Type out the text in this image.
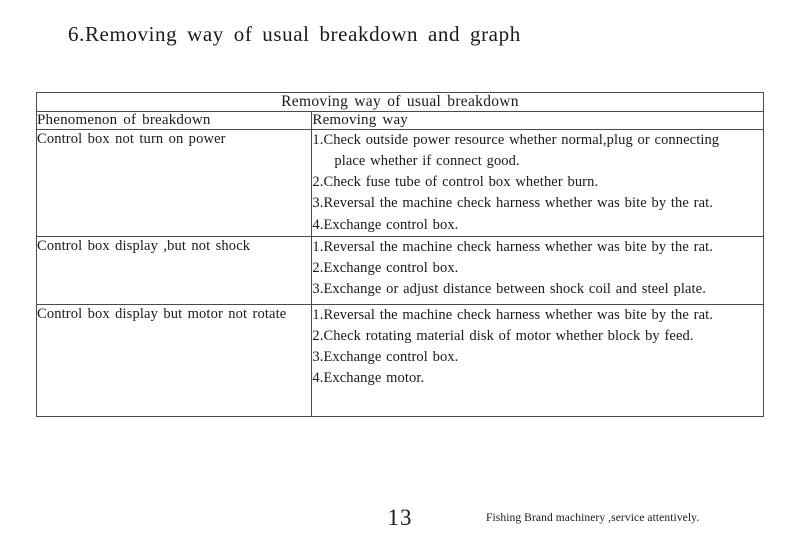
6.Removing way of usual breakdown and graph
Removing way of usual breakdown	
Phenomenon of breakdown	Removing way
Control box not turn on power	1.Check outside power resource whether normal,plug or connecting
place whether if connect good.
2.Check fuse tube of control box whether burn.
3.Reversal the machine check harness whether was bite by the rat.
4.Exchange control box.

Control box display ,but not shock	1.Reversal the machine check harness whether was bite by the rat.
2.Exchange control box.
3.Exchange or adjust distance between shock coil and steel plate.

Control box display but motor not rotate	1.Reversal the machine check harness whether was bite by the rat.
2.Check rotating material disk of motor whether block by feed.
3.Exchange control box.
4.Exchange motor.
13	Fishing Brand machinery ,service attentively.
